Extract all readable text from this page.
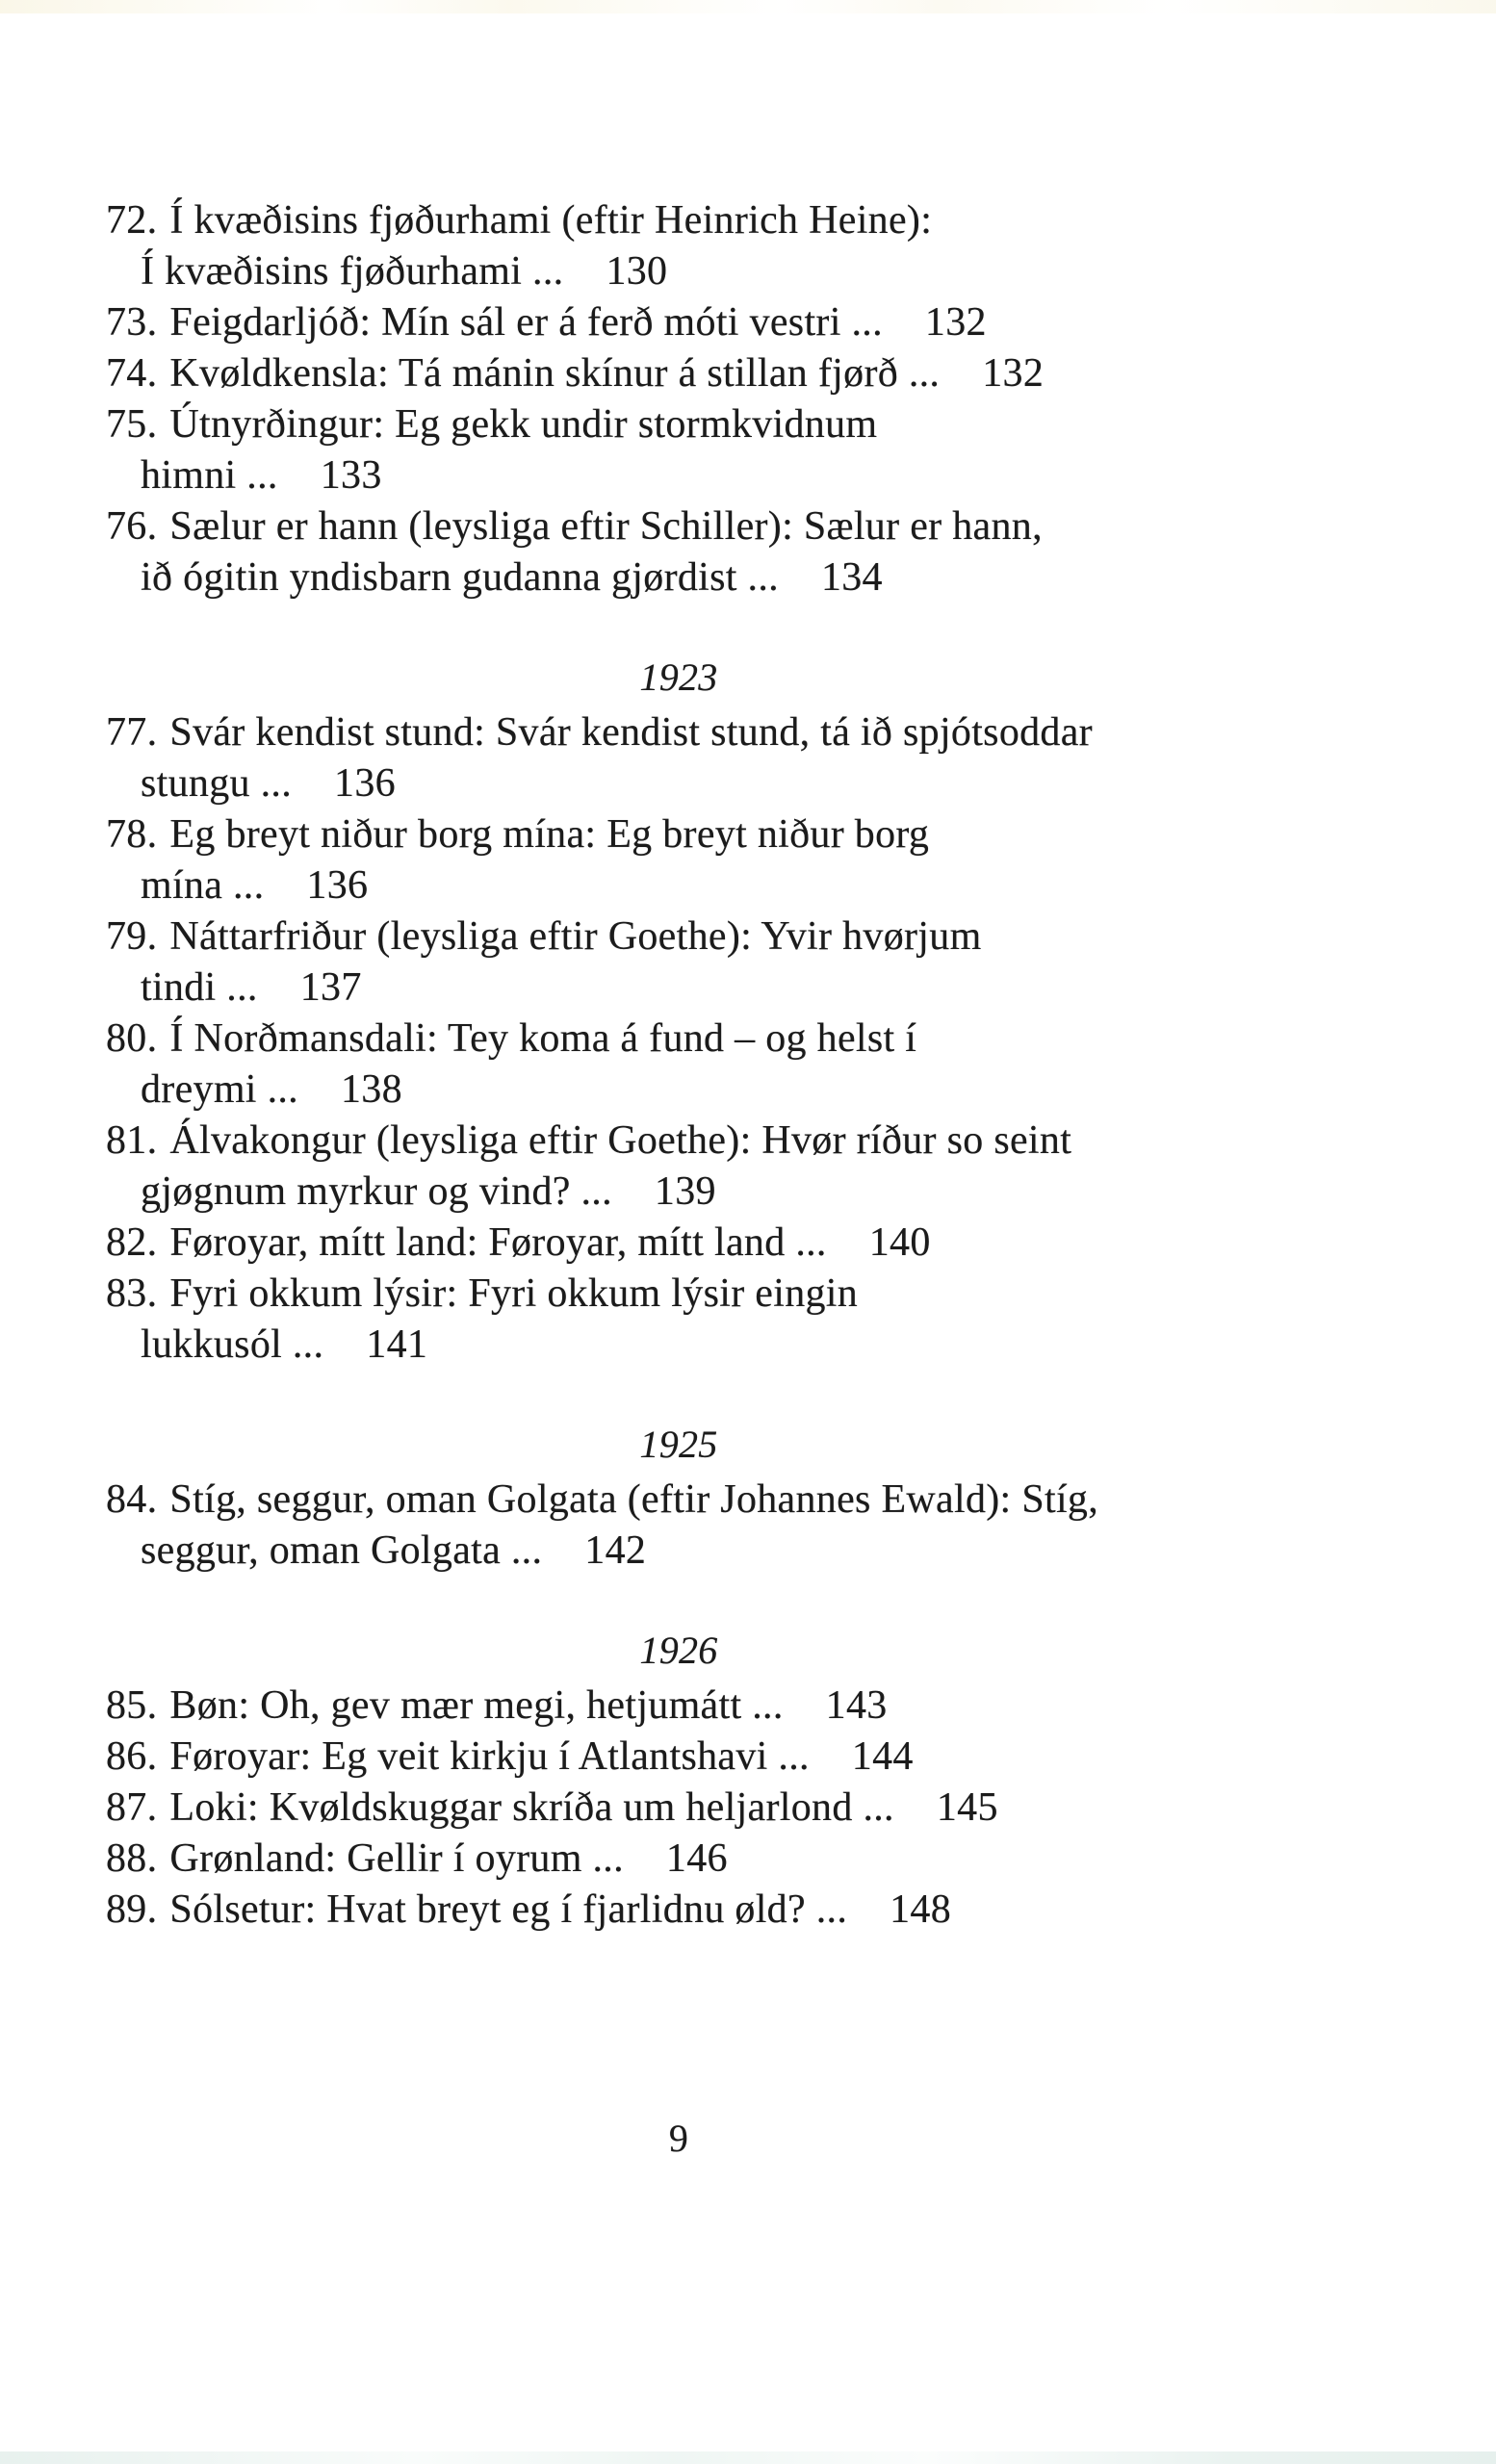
72. Í kvæðisins fjøðurhami (eftir Heinrich Heine):
Í kvæðisins fjøðurhami ... 130
73. Feigdarljóð: Mín sál er á ferð móti vestri ... 132
74. Kvøldkensla: Tá mánin skínur á stillan fjørð ... 132
75. Útnyrðingur: Eg gekk undir stormkvidnum
himni ... 133
76. Sælur er hann (leysliga eftir Schiller): Sælur er hann,
ið ógitin yndisbarn gudanna gjørdist ... 134
1923
77. Svár kendist stund: Svár kendist stund, tá ið spjótsoddar
stungu ... 136
78. Eg breyt niður borg mína: Eg breyt niður borg
mína ... 136
79. Náttarfriður (leysliga eftir Goethe): Yvir hvørjum
tindi ... 137
80. Í Norðmansdali: Tey koma á fund – og helst í
dreymi ... 138
81. Álvakongur (leysliga eftir Goethe): Hvør ríður so seint
gjøgnum myrkur og vind? ... 139
82. Føroyar, mítt land: Føroyar, mítt land ... 140
83. Fyri okkum lýsir: Fyri okkum lýsir eingin
lukkusól ... 141
1925
84. Stíg, seggur, oman Golgata (eftir Johannes Ewald): Stíg,
seggur, oman Golgata ... 142
1926
85. Bøn: Oh, gev mær megi, hetjumátt ... 143
86. Føroyar: Eg veit kirkju í Atlantshavi ... 144
87. Loki: Kvøldskuggar skríða um heljarlond ... 145
88. Grønland: Gellir í oyrum ... 146
89. Sólsetur: Hvat breyt eg í fjarlidnu øld? ... 148
9
